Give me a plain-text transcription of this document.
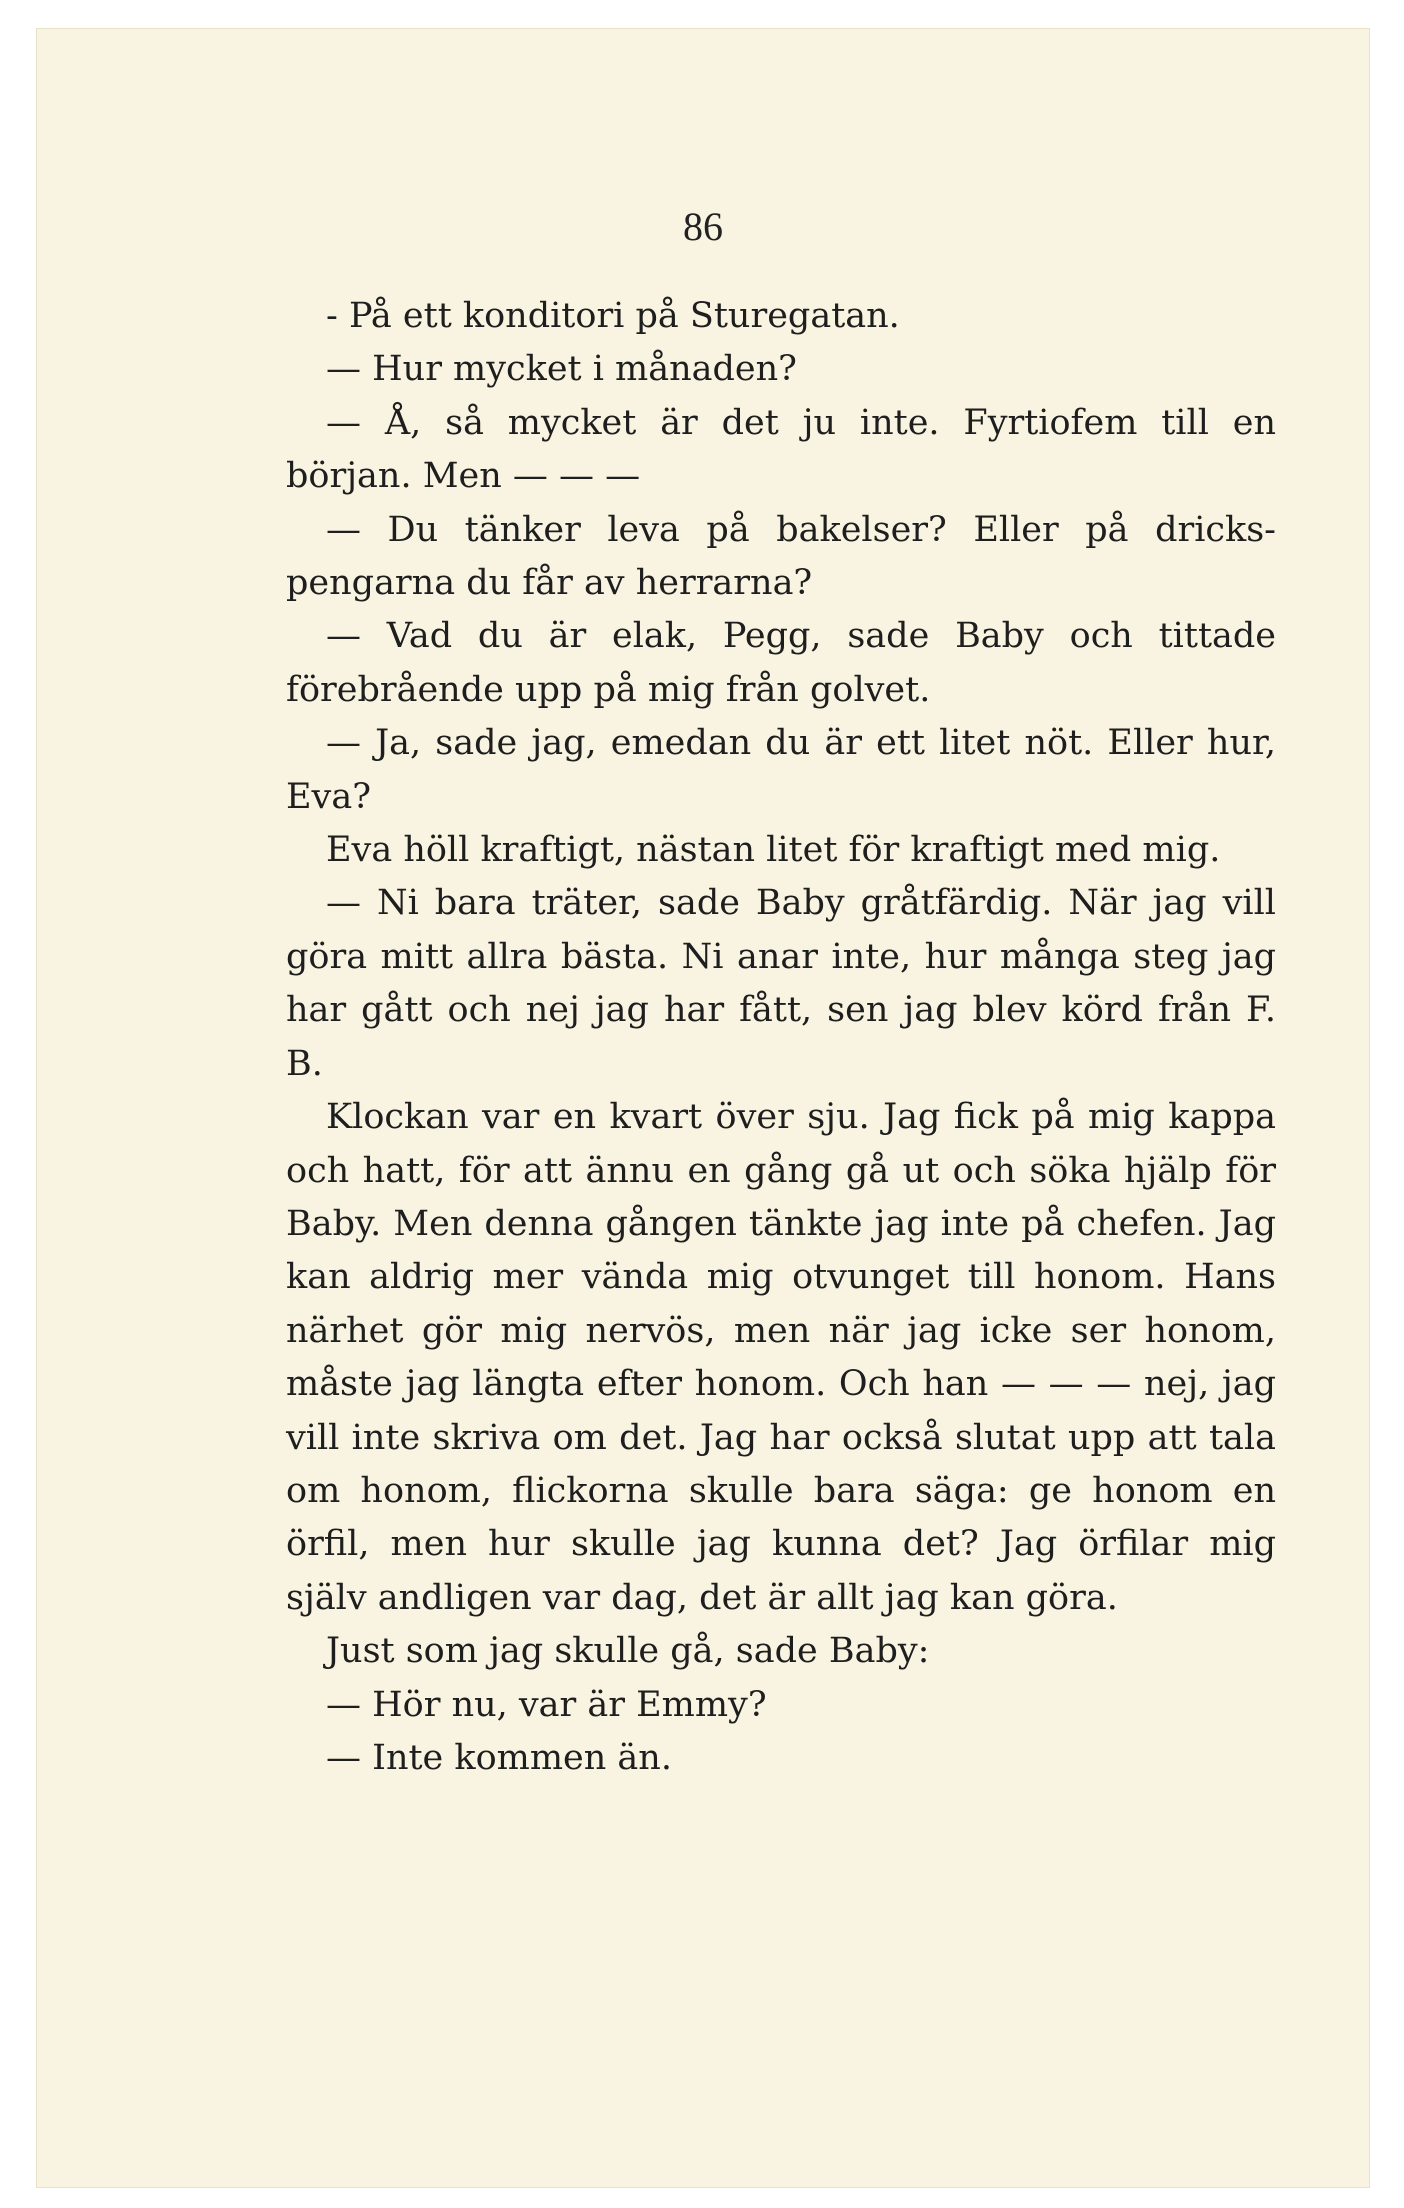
86

- På ett konditori på Sturegatan.

— Hur mycket i månaden?

— Å, så mycket är det ju inte. Fyrtiofem till en början. Men — — —

— Du tänker leva på bakelser? Eller på dricks- pengarna du får av herrarna?

— Vad du är elak, Pegg, sade Baby och tittade förebrående upp på mig från golvet.

— Ja, sade jag, emedan du är ett litet nöt. Eller hur, Eva?

Eva höll kraftigt, nästan litet för kraftigt med mig.

— Ni bara träter, sade Baby gråtfärdig. När jag vill göra mitt allra bästa. Ni anar inte, hur många steg jag har gått och nej jag har fått, sen jag blev körd från F. B.

Klockan var en kvart över sju. Jag fick på mig kappa och hatt, för att ännu en gång gå ut och söka hjälp för Baby. Men denna gången tänkte jag inte på chefen. Jag kan aldrig mer vända mig otvunget till honom. Hans närhet gör mig nervös, men när jag icke ser honom, måste jag längta efter honom. Och han — — — nej, jag vill inte skriva om det. Jag har också slutat upp att tala om honom, flickorna skulle bara säga: ge honom en örfil, men hur skulle jag kunna det? Jag örfilar mig själv andligen var dag, det är allt jag kan göra.

Just som jag skulle gå, sade Baby:

— Hör nu, var är Emmy?

— Inte kommen än.
